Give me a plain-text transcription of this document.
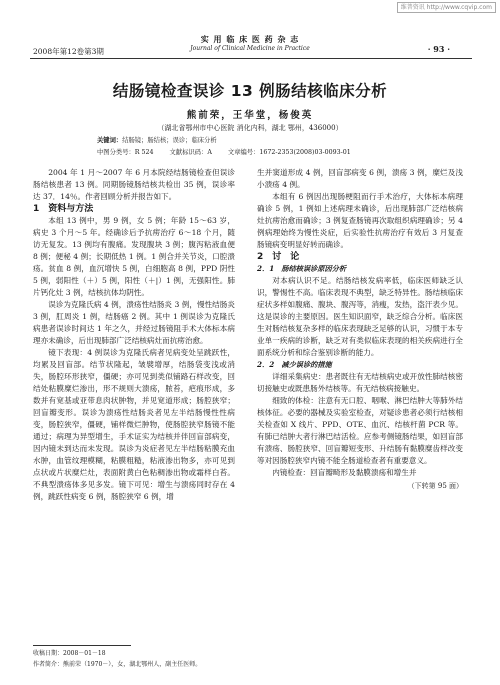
维普资讯 http://www.cqvip.com
2008年第12卷第3期
实 用 临 床 医 药 杂 志
Journal of Clinical Medicine in Practice	· 93 ·
结肠镜检查误诊 13 例肠结核临床分析
熊前荣，王华堂，杨俊英
（湖北省鄂州市中心医院 消化内科，湖北 鄂州，436000）
关键词：结肠镜；肠结核；误诊；临床分析
中图分类号：R 524	文献标识码：A	文章编号：1672-2353(2008)03-0093-01

2004 年 1 月～2007 年 6 月本院经结肠镜检查但误诊肠结核患者 13 例。同期肠镜肠结核共检出 35 例，误诊率达 37．14％。作者回顾分析并报告如下。

1　资料与方法

本组 13 例中，男 9 例，女 5 例；年龄 15～63 岁，病史 3 个月～5 年。经确诊后予抗痨治疗 6～18 个月，随访无复发。13 例均有腹痛。发现腹块 3 例；腹泻粘液血便 8 例；便秘 4 例；长期低热 1 例。1 例合并关节炎，口腔溃疡。贫血 8 例，血沉增快 5 例，白细胞高 8 例，PPD 阴性 5 例，弱阳性（＋）5 例，阳性（＋|）1 例，无强阳性。肺片钙化灶 3 例，结核抗体均阴性。

误诊为克隆氏病 4 例，溃疡性结肠炎 3 例，慢性结肠炎 3 例，肛周炎 1 例，结肠癌 2 例。其中 1 例误诊为克隆氏病患者误诊时间达 1 年之久，并经过肠镜阻手术大体标本病理亦未确诊，后出现肺部广泛结核病灶而抗痨治愈。

镜下表现：4 例误诊为克隆氏病者见病变处呈跳跃性，均累及回盲部。结节状隆起，皱襞增厚，结肠袋变浅或消失，肠腔环形狭窄，僵硬；亦可见到类似铺路石样改变，回结处粘膜糜烂渗出，形不规则大溃疡，脓苔，疤痕形成，多数并有宽基或亚带息肉状肿物，并见宽道形成；肠腔狭窄；回盲瓣变形。误诊为溃疡性结肠炎者见左半结肠慢性性病变，肠腔狭窄，僵硬，铺样微烂肿物，使肠腔狭窄肠镜不能通过；病理为异型增生，手术证实为结核并伴回盲部病变，因内镜未到达而未发现。误诊为炎症者见左半结肠粘膜充血水肿，血管纹理模糊，粘膜粗糙，粘液渗出物多，亦可见到点状或片状糜烂灶，表面附黄白色粘稠渗出物或霜样白苔。不典型溃疡体多见多发。镜下可见：增生与溃疡同时存在 4 例，跳跃性病变 6 例，肠腔狭窄 6 例，增

生并窦道形成 4 例，回盲部病变 6 例，溃疡 3 例，糜烂及浅小溃疡 4 例。

本组有 6 例因出现肠梗阻而行手术治疗，大体标本病理确诊 5 例，1 例如上述病理未确诊，后出现肺部广泛结核病灶抗痨治愈而确诊；3 例复查肠镜再次取组织病理确诊；另 4 例病理始终为慢性炎症，后实验性抗痨治疗有效后 3 月复查肠镜病变明显好转而确诊。

2　讨　论

2．1　肠结核误诊原因分析

对本病认识不足。结肠结核发病率低，临床医师缺乏认识，警惕性不高。临床表现不典型，缺乏特异性。肠结核临床症状多样如腹痛、腹块、腹泻等，消瘦，发热，盗汗表少见。这是误诊的主要原因。医生知识面窄，缺乏综合分析。临床医生对肠结核复杂多样的临床表现缺乏足够的认识，习惯于本专业单一疾病的诊断，缺乏对有类似临床表现的相关疾病进行全面系统分析和综合鉴别诊断的能力。

2．2　减少误诊的措施

详细采集病史：患者既往有无结核病史或开放性肺结核密切接触史或既患肠外结核等。有无结核病接触史。

细致的体检：注意有无口腔、咽喉、淋巴结肿大等肺外结核体征。必要的器械及实验室检查，对疑诊患者必须行结核相关检查如 X 线片、PPD、OTE、血沉、结核杆菌 PCR 等。有肺已结肿大者行淋巴结活检。应参考侧镜肠结果，如回盲部有溃疡、肠腔狭窄、回盲瓣短变形、升结肠有黏膜糜齿样改变等对因肠腔狭窄内镜不能全肠道检查者有重要意义。

内镜检查：回盲瓣畸形及黏膜溃疡和增生并

（下转第 95 面）
收稿日期：2008－01－18
作者简介：熊前荣（1970－），女，湖北鄂州人，副主任医师。
